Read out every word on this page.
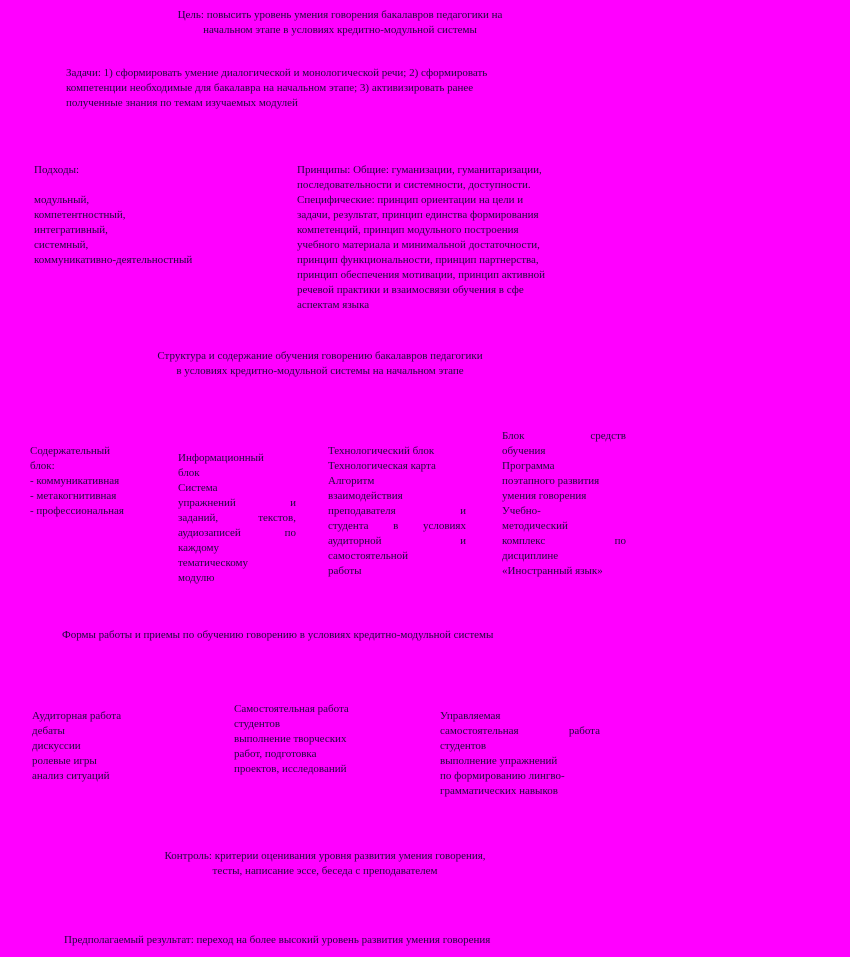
Цель: повысить уровень умения говорения бакалавров педагогики на
начальном этапе в условиях кредитно-модульной системы
Задачи: 1) сформировать умение диалогической и монологической речи; 2) сформировать
компетенции необходимые для бакалавра на начальном этапе; 3) активизировать ранее
полученные знания по темам изучаемых модулей
Подходы:
модульный,
компетентностный,
интегративный,
системный,
коммуникативно-деятельностный
Принципы: Общие: гуманизации, гуманитаризации,
последовательности и системности, доступности.
Специфические: принцип ориентации на цели и
задачи, результат, принцип единства формирования
компетенций, принцип модульного построения
учебного материала и минимальной достаточности,
принцип функциональности, принцип партнерства,
принцип обеспечения мотивации, принцип активной
речевой практики и взаимосвязи обучения в сфе
аспектам языка
Структура и содержание обучения говорению бакалавров педагогики
в условиях кредитно-модульной системы на начальном этапе
Содержательный
блок:
- коммуникативная
- метакогнитивная
- профессиональная
Информационный
блок
Система
упражнений и
заданий, текстов,
аудиозаписей по
каждому
тематическому
модулю
Технологический блок
Технологическая карта
Алгоритм
взаимодействия
преподавателя и
студента в условиях
аудиторной и
самостоятельной
работы
Блок средств
обучения
Программа
поэтапного развития
умения говорения
Учебно-
методический
комплекс по
дисциплине
«Иностранный язык»
Формы работы и приемы по обучению говорению в условиях кредитно-модульной системы
Аудиторная работа
дебаты
дискуссии
ролевые игры
анализ ситуаций
Самостоятельная работа
студентов
выполнение творческих
работ, подготовка
проектов, исследований
Управляемая
самостоятельная работа
студентов
выполнение упражнений
по формированию лингво-
грамматических навыков
Контроль: критерии оценивания уровня развития умения говорения,
тесты, написание эссе, беседа с преподавателем
Предполагаемый результат: переход на более высокий уровень развития умения говорения
